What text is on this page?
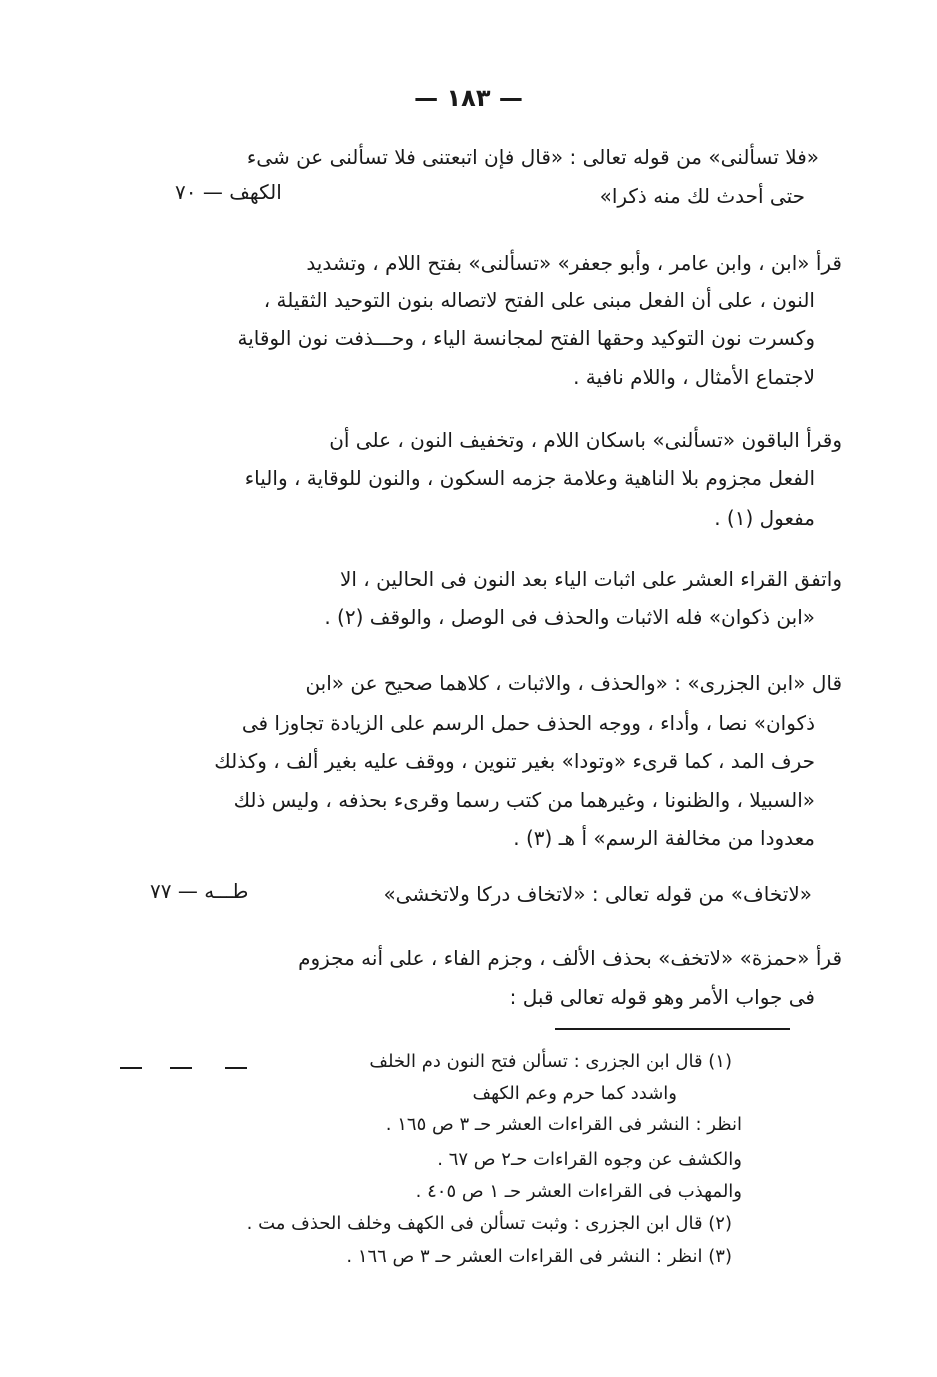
— ١٨٣ —
«فلا تسألنى» من قوله تعالى : «قال فإن اتبعتنى فلا تسألنى عن شىء
حتى أحدث لك منه ذكرا»
الكهف — ٧٠
قرأ «ابن ، وابن عامر ، وأبو جعفر» «تسألنى» بفتح اللام ، وتشديد
النون ، على أن الفعل مبنى على الفتح لاتصاله بنون التوحيد الثقيلة ،
وكسرت نون التوكيد وحقها الفتح لمجانسة الياء ، وحـــذفت نون الوقاية
لاجتماع الأمثال ، واللام نافية .
وقرأ الباقون «تسألنى» باسكان اللام ، وتخفيف النون ، على أن
الفعل مجزوم بلا الناهية وعلامة جزمه السكون ، والنون للوقاية ، والياء
مفعول (١) .
واتفق القراء العشر على اثبات الياء بعد النون فى الحالين ، الا
«ابن ذكوان» فله الاثبات والحذف فى الوصل ، والوقف (٢) .
قال «ابن الجزرى» : «والحذف ، والاثبات ، كلاهما صحيح عن «ابن
ذكوان» نصا ، وأداء ، ووجه الحذف حمل الرسم على الزيادة تجاوزا فى
حرف المد ، كما قرىء «وتودا» بغير تنوين ، ووقف عليه بغير ألف ، وكذلك
«السبيلا ، والظنونا ، وغيرهما من كتب رسما وقرىء بحذفه ، وليس ذلك
معدودا من مخالفة الرسم» أ هـ (٣) .
«لاتخاف» من قوله تعالى : «لاتخاف دركا ولاتخشى»
طـــه — ٧٧
قرأ «حمزة» «لاتخف» بحذف الألف ، وجزم الفاء ، على أنه مجزوم
فى جواب الأمر وهو قوله تعالى قبل :
(١) قال ابن الجزرى : تسألن فتح النون دم الخلف
واشدد كما حرم وعم الكهف
انظر : النشر فى القراءات العشر حـ ٣ ص ١٦٥ .
والكشف عن وجوه القراءات حـ٢ ص ٦٧ .
والمهذب فى القراءات العشر حـ ١ ص ٤٠٥ .
(٢) قال ابن الجزرى : وثبت تسألن فى الكهف وخلف الحذف مت .
(٣) انظر : النشر فى القراءات العشر حـ ٣ ص ١٦٦ .
